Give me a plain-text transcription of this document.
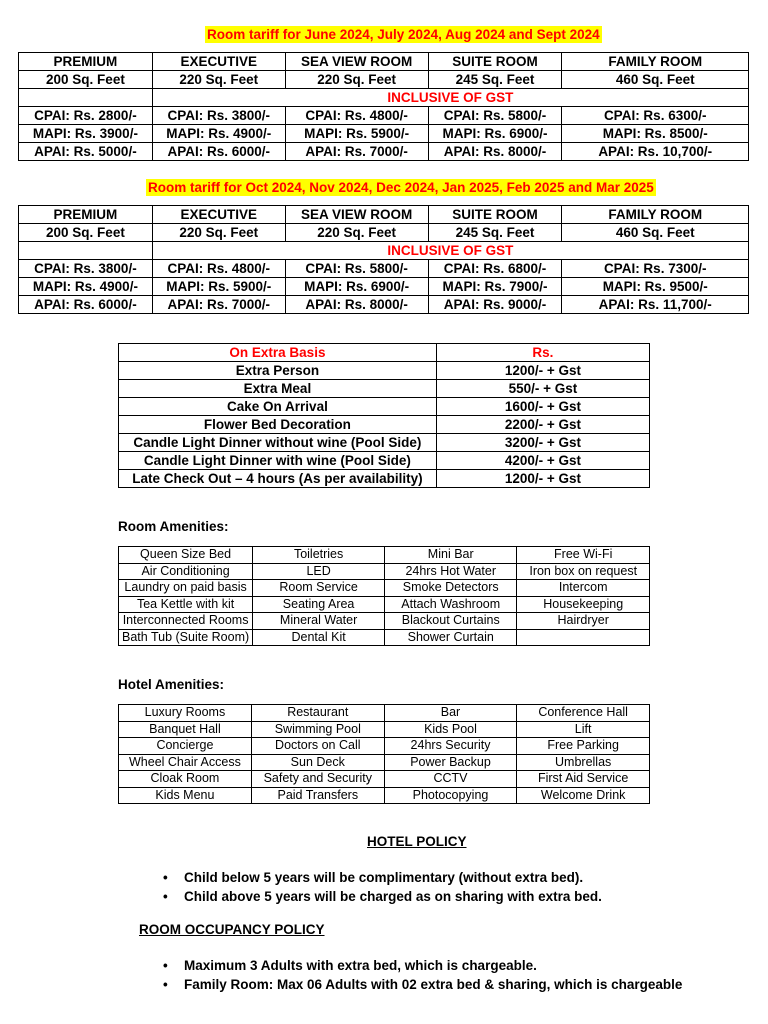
Room tariff for June 2024, July 2024, Aug 2024 and Sept 2024
PREMIUM	EXECUTIVE	SEA VIEW ROOM	SUITE ROOM	FAMILY ROOM
200 Sq. Feet	220 Sq. Feet	220 Sq. Feet	245 Sq. Feet	460 Sq. Feet
	INCLUSIVE OF GST			
CPAI: Rs. 2800/-	CPAI: Rs. 3800/-	CPAI: Rs. 4800/-	CPAI: Rs. 5800/-	CPAI: Rs. 6300/-
MAPI: Rs. 3900/-	MAPI: Rs. 4900/-	MAPI: Rs. 5900/-	MAPI: Rs. 6900/-	MAPI: Rs. 8500/-
APAI: Rs. 5000/-	APAI: Rs. 6000/-	APAI: Rs. 7000/-	APAI: Rs. 8000/-	APAI: Rs. 10,700/-
Room tariff for Oct 2024, Nov 2024, Dec 2024, Jan 2025, Feb 2025 and Mar 2025
PREMIUM	EXECUTIVE	SEA VIEW ROOM	SUITE ROOM	FAMILY ROOM
200 Sq. Feet	220 Sq. Feet	220 Sq. Feet	245 Sq. Feet	460 Sq. Feet
	INCLUSIVE OF GST			
CPAI: Rs. 3800/-	CPAI: Rs. 4800/-	CPAI: Rs. 5800/-	CPAI: Rs. 6800/-	CPAI: Rs. 7300/-
MAPI: Rs. 4900/-	MAPI: Rs. 5900/-	MAPI: Rs. 6900/-	MAPI: Rs. 7900/-	MAPI: Rs. 9500/-
APAI: Rs. 6000/-	APAI: Rs. 7000/-	APAI: Rs. 8000/-	APAI: Rs. 9000/-	APAI: Rs. 11,700/-
On Extra Basis	Rs.
Extra Person	1200/- + Gst
Extra Meal	550/- + Gst
Cake On Arrival	1600/- + Gst
Flower Bed Decoration	2200/- + Gst
Candle Light Dinner without wine (Pool Side)	3200/- + Gst
Candle Light Dinner with wine (Pool Side)	4200/- + Gst
Late Check Out – 4 hours (As per availability)	1200/- + Gst
Room Amenities:
Queen Size Bed	Toiletries	Mini Bar	Free Wi-Fi
Air Conditioning	LED	24hrs Hot Water	Iron box on request
Laundry on paid basis	Room Service	Smoke Detectors	Intercom
Tea Kettle with kit	Seating Area	Attach Washroom	Housekeeping
Interconnected Rooms	Mineral Water	Blackout Curtains	Hairdryer
Bath Tub (Suite Room)	Dental Kit	Shower Curtain	
Hotel Amenities:
Luxury Rooms	Restaurant	Bar	Conference Hall
Banquet Hall	Swimming Pool	Kids Pool	Lift
Concierge	Doctors on Call	24hrs Security	Free Parking
Wheel Chair Access	Sun Deck	Power Backup	Umbrellas
Cloak Room	Safety and Security	CCTV	First Aid Service
Kids Menu	Paid Transfers	Photocopying	Welcome Drink
HOTEL POLICY
• Child below 5 years will be complimentary (without extra bed).
• Child above 5 years will be charged as on sharing with extra bed.
ROOM OCCUPANCY POLICY
• Maximum 3 Adults with extra bed, which is chargeable.
• Family Room: Max 06 Adults with 02 extra bed & sharing, which is chargeable
